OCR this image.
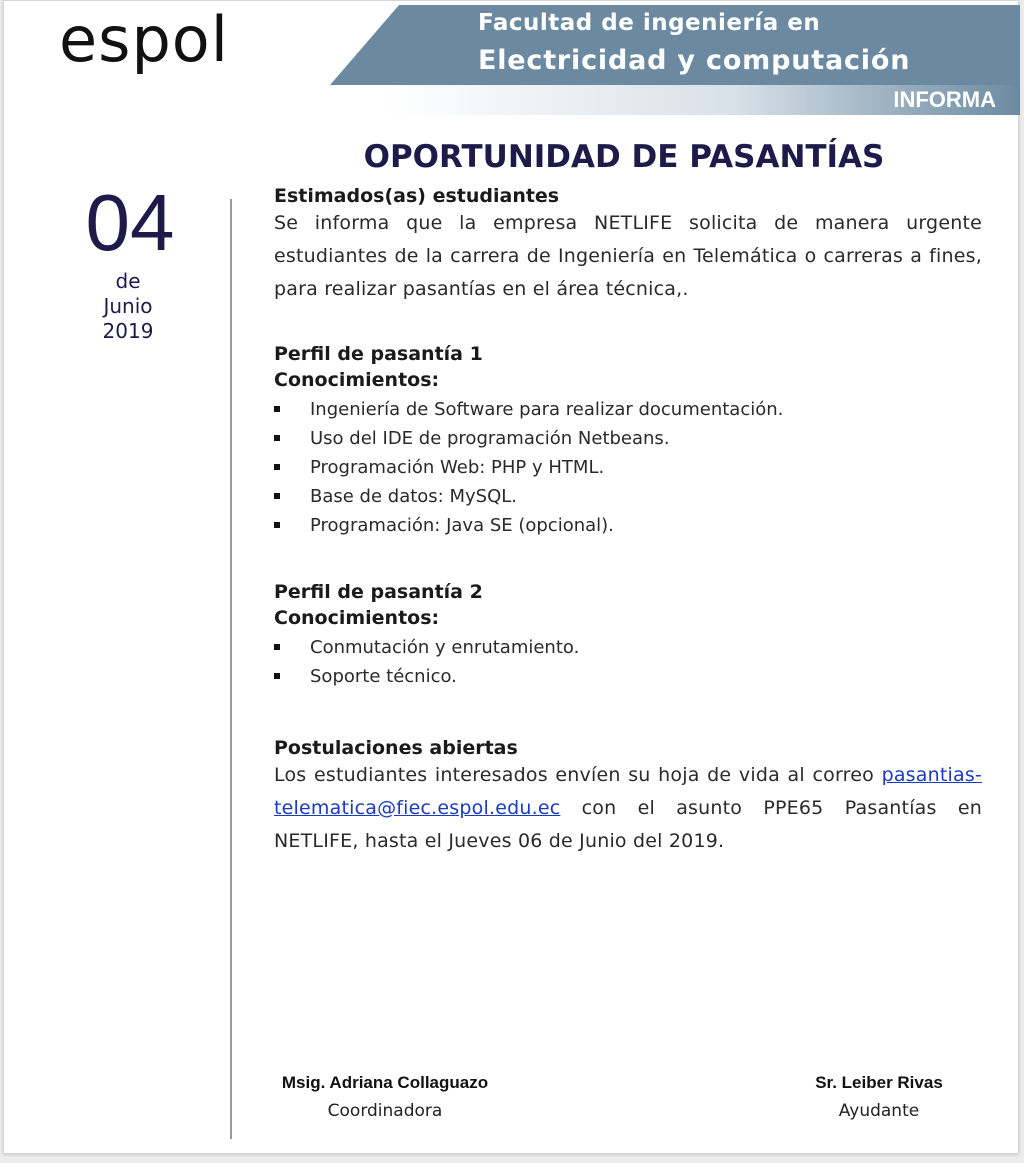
espol	Facultad de ingeniería en
Electricidad y computación
INFORMA
04
de
Junio
2019
OPORTUNIDAD DE PASANTÍAS

Estimados(as) estudiantes

Se informa que la empresa NETLIFE solicita de manera urgente estudiantes de la carrera de Ingeniería en Telemática o carreras a fines, para realizar pasantías en el área técnica,.

Perfil de pasantía 1

Conocimientos:

Ingeniería de Software para realizar documentación.
Uso del IDE de programación Netbeans.
Programación Web: PHP y HTML.
Base de datos: MySQL.
Programación: Java SE (opcional).

Perfil de pasantía 2

Conocimientos:

Conmutación y enrutamiento.
Soporte técnico.

Postulaciones abiertas

Los estudiantes interesados envíen su hoja de vida al correo pasantias-telematica@fiec.espol.edu.ec con el asunto PPE65 Pasantías en NETLIFE, hasta el Jueves 06 de Junio del 2019.

Msig. Adriana Collaguazo
Coordinadora
Sr. Leiber Rivas
Ayudante
